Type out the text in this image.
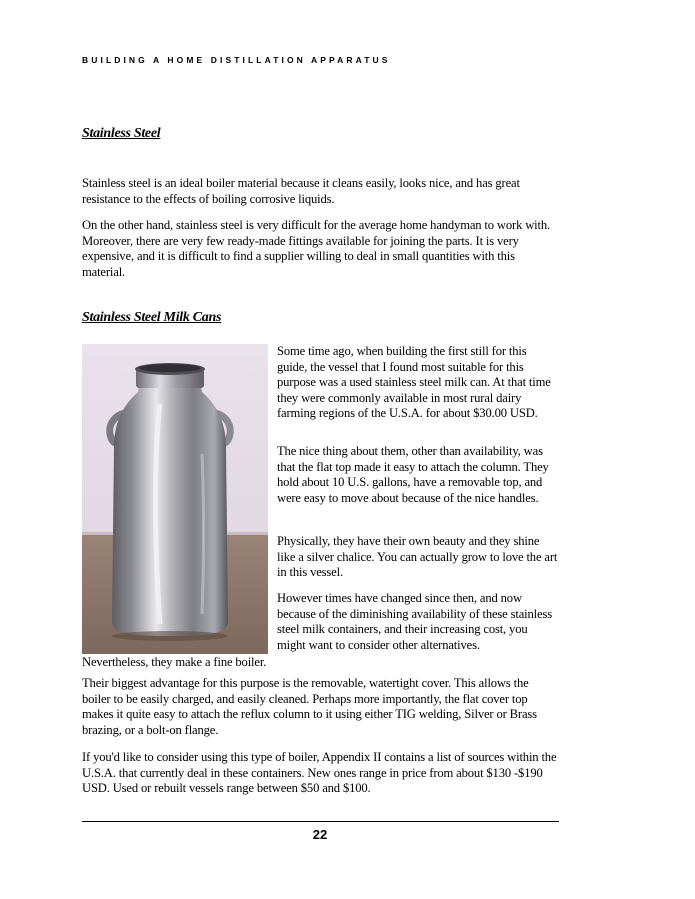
BUILDING A HOME DISTILLATION APPARATUS
Stainless Steel

Stainless steel is an ideal boiler material because it cleans easily, looks nice, and has great resistance to the effects of boiling corrosive liquids.

On the other hand, stainless steel is very difficult for the average home handyman to work with. Moreover, there are very few ready-made fittings available for joining the parts. It is very expensive, and it is difficult to find a supplier willing to deal in small quantities with this material.

Stainless Steel Milk Cans

Some time ago, when building the first still for this guide, the vessel that I found most suitable for this purpose was a used stainless steel milk can. At that time they were commonly available in most rural dairy farming regions of the U.S.A. for about $30.00 USD.

The nice thing about them, other than availability, was that the flat top made it easy to attach the column. They hold about 10 U.S. gallons, have a removable top, and were easy to move about because of the nice handles.

Physically, they have their own beauty and they shine like a silver chalice. You can actually grow to love the art in this vessel.

However times have changed since then, and now because of the diminishing availability of these stainless steel milk containers, and their increasing cost, you might want to consider other alternatives.

Nevertheless, they make a fine boiler.

Their biggest advantage for this purpose is the removable, watertight cover. This allows the boiler to be easily charged, and easily cleaned. Perhaps more importantly, the flat cover top makes it quite easy to attach the reflux column to it using either TIG welding, Silver or Brass brazing, or a bolt-on flange.

If you'd like to consider using this type of boiler, Appendix II contains a list of sources within the U.S.A. that currently deal in these containers. New ones range in price from about $130 -$190 USD. Used or rebuilt vessels range between $50 and $100.

22
